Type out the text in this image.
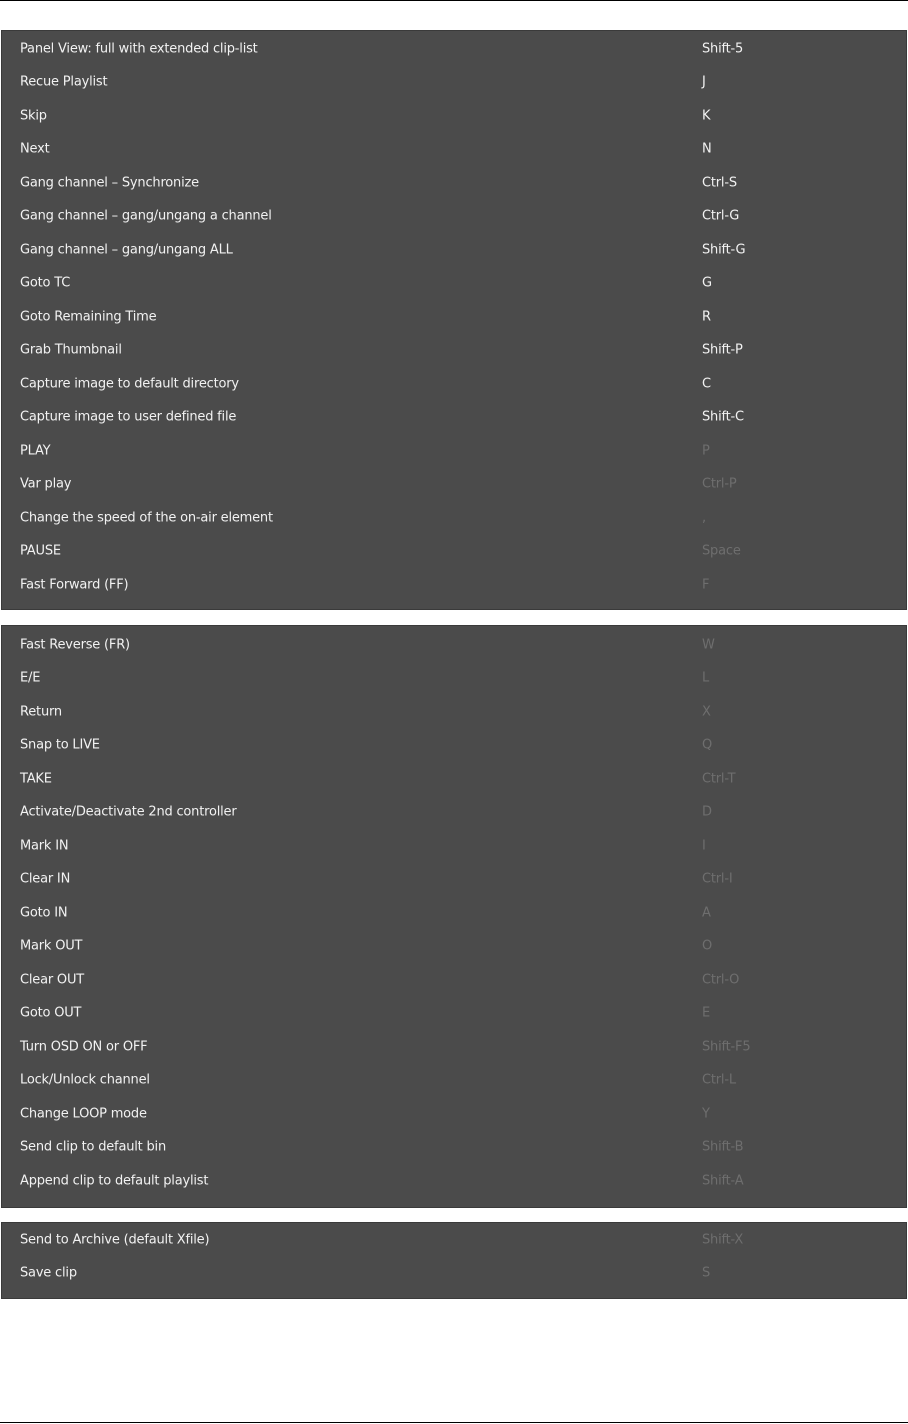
Panel View: full with extended clip-list	Shift-5
Recue Playlist	J
Skip	K
Next	N
Gang channel – Synchronize	Ctrl-S
Gang channel – gang/ungang a channel	Ctrl-G
Gang channel – gang/ungang ALL	Shift-G
Goto TC	G
Goto Remaining Time	R
Grab Thumbnail	Shift-P
Capture image to default directory	C
Capture image to user defined file	Shift-C
PLAY	P
Var play	Ctrl-P
Change the speed of the on-air element	,
PAUSE	Space
Fast Forward (FF)	F
Fast Reverse (FR)	W
E/E	L
Return	X
Snap to LIVE	Q
TAKE	Ctrl-T
Activate/Deactivate 2nd controller	D
Mark IN	I
Clear IN	Ctrl-I
Goto IN	A
Mark OUT	O
Clear OUT	Ctrl-O
Goto OUT	E
Turn OSD ON or OFF	Shift-F5
Lock/Unlock channel	Ctrl-L
Change LOOP mode	Y
Send clip to default bin	Shift-B
Append clip to default playlist	Shift-A
Send to Archive (default Xfile)	Shift-X
Save clip	S
